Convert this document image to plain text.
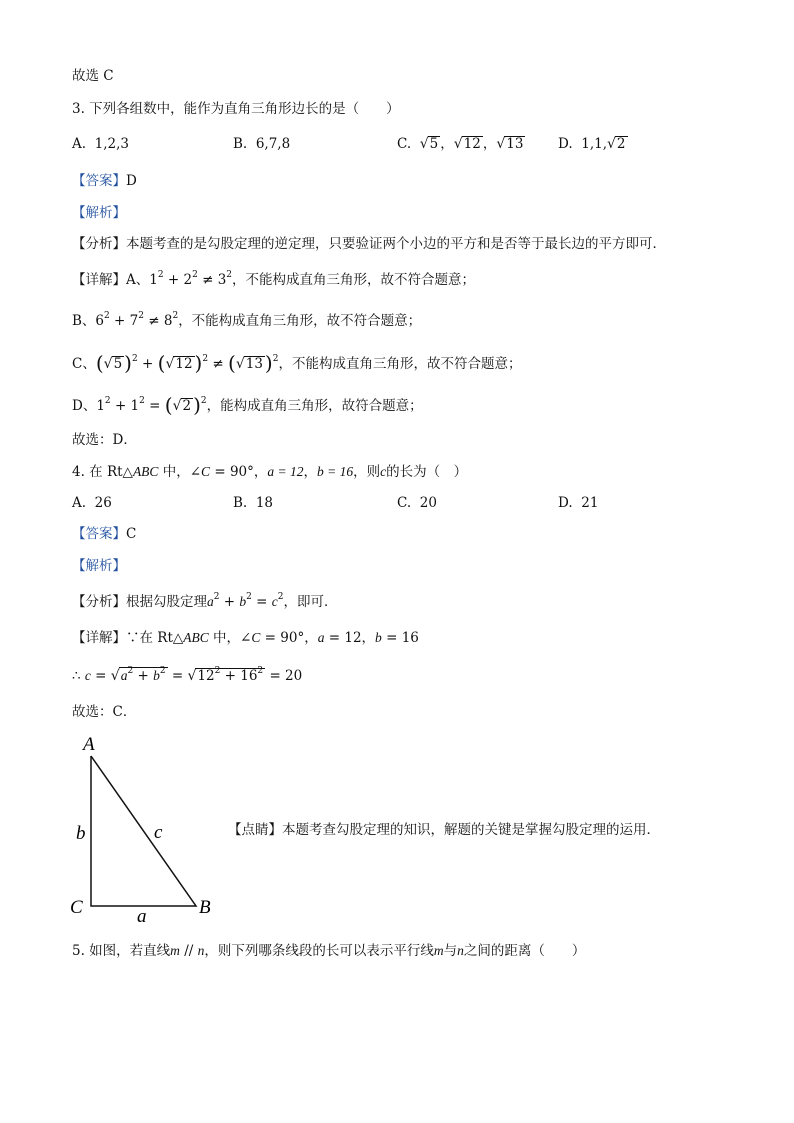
故选 C
3. 下列各组数中，能作为直角三角形边长的是（　　）
A. 1,2,3	B. 6,7,8	C. √5 ，√12 ，√13	D. 1,1,√2
【答案】D
【解析】
【分析】本题考查的是勾股定理的逆定理，只要验证两个小边的平方和是否等于最长边的平方即可．
【详解】A、$1^2 + 2^2 \ne 3^2$，不能构成直角三角形，故不符合题意；
B、$6^2 + 7^2 \ne 8^2$，不能构成直角三角形，故不符合题意；
C、(√5 )$^2$ + (√12 )$^2$ ≠ (√13 )$^2$，不能构成直角三角形，故不符合题意；
D、$1^2 + 1^2 = (√2$ )$^2$，能构成直角三角形，故符合题意；
故选：D．
4. 在 Rt△ABC 中，∠C = 90°，a = 12，b = 16，则c的长为（　）
A. 26	B. 18	C. 20	D. 21
【答案】C
【解析】
【分析】根据勾股定理$a^2 + b^2 = c^2$，即可．
【详解】∵在 Rt△ABC 中，∠C = 90°，a = 12，b = 16
∴ $c = √a^2 + b^2 = √12^2 + 16^2 = 20$
故选：C．
A
C	B
b	c
a
【点睛】本题考查勾股定理的知识，解题的关键是掌握勾股定理的运用．
5. 如图，若直线m // n，则下列哪条线段的长可以表示平行线m与n之间的距离（　　）
